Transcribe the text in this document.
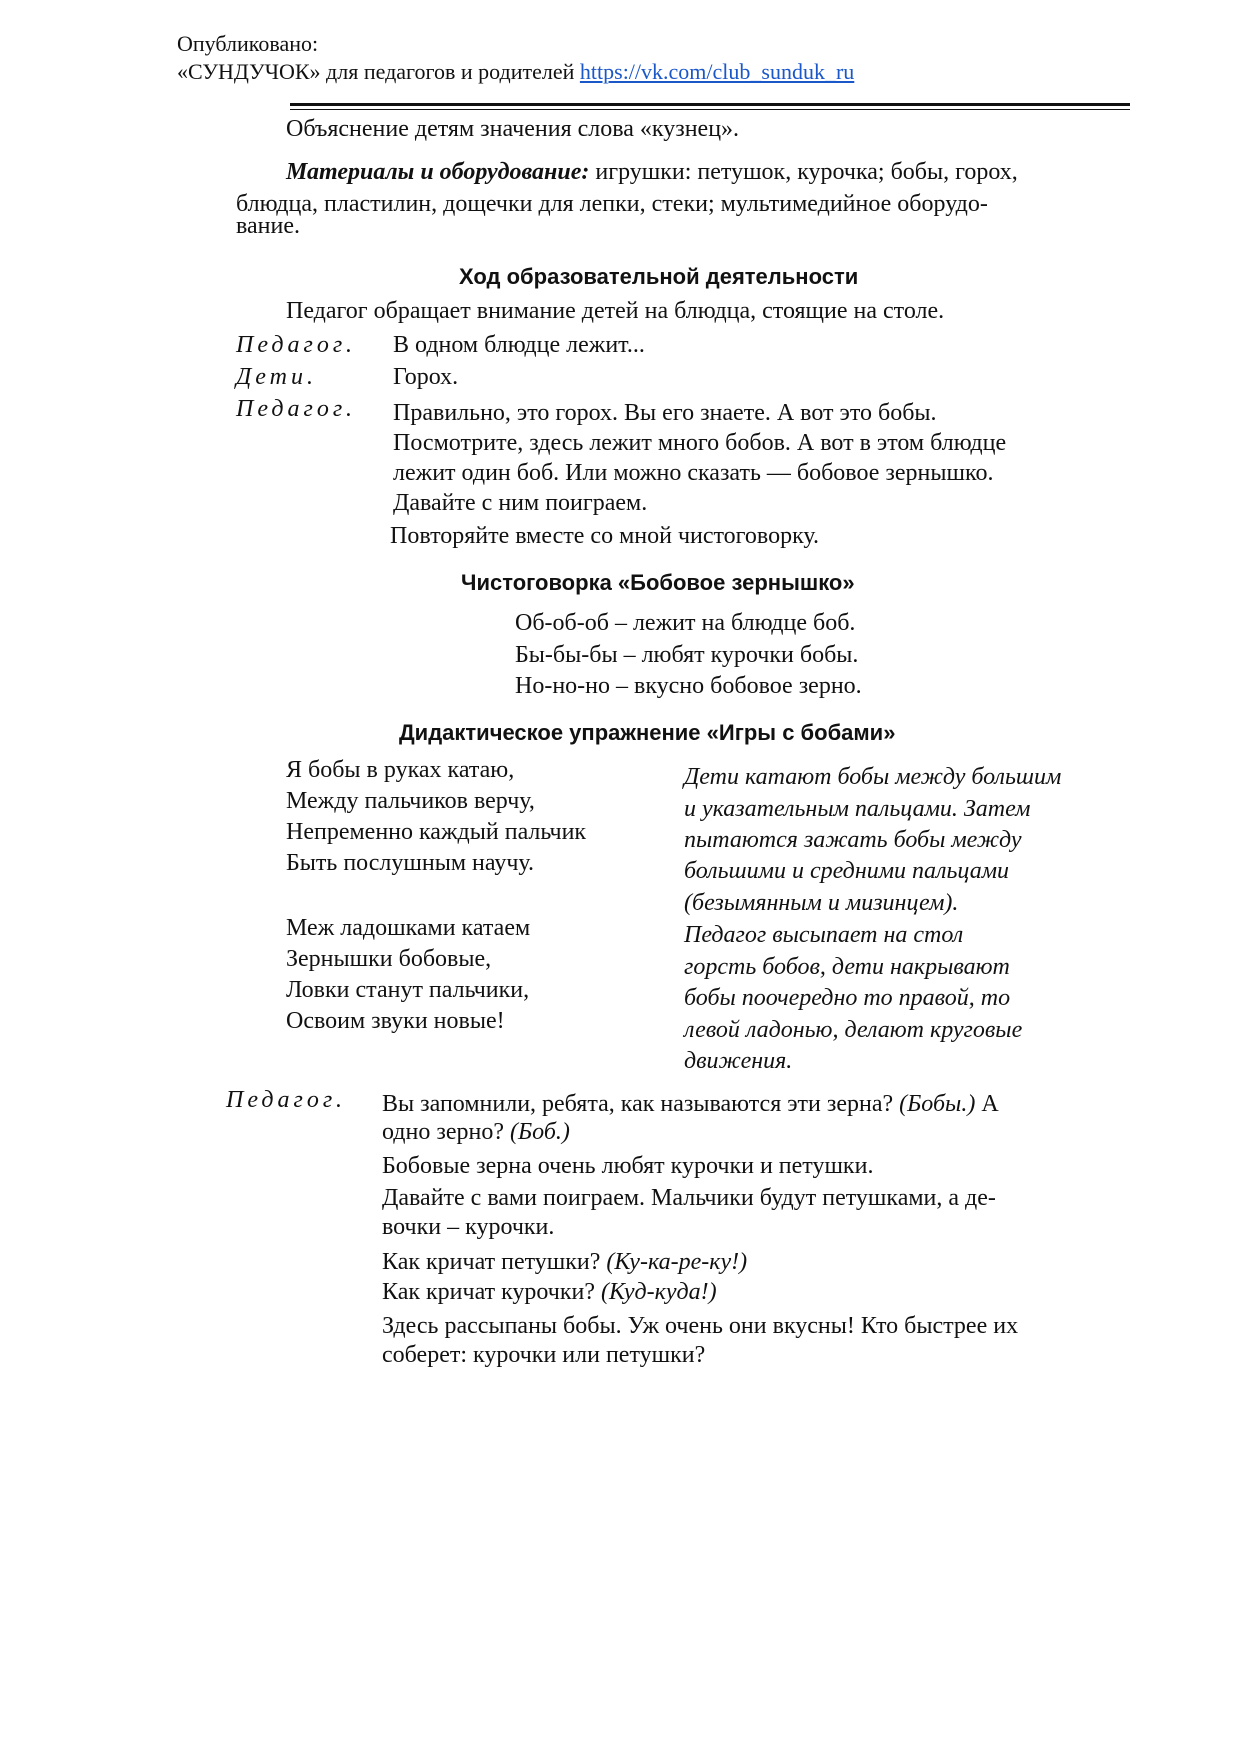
Опубликовано:
«СУНДУЧОК» для педагогов и родителей https://vk.com/club_sunduk_ru
Объяснение детям значения слова «кузнец».
Материалы и оборудование: игрушки: петушок, курочка; бобы, горох,
блюдца, пластилин, дощечки для лепки, стеки; мультимедийное оборудо-
вание.
Ход образовательной деятельности
Педагог обращает внимание детей на блюдца, стоящие на столе.
Педагог. В одном блюдце лежит...
Дети.	Горох.
Педагог. Правильно, это горох. Вы его знаете. А вот это бобы.
Посмотрите, здесь лежит много бобов. А вот в этом блюдце
лежит один боб. Или можно сказать — бобовое зернышко.
Давайте с ним поиграем.
Повторяйте вместе со мной чистоговорку.
Чистоговорка «Бобовое зернышко»
Об-об-об – лежит на блюдце боб.
Бы-бы-бы – любят курочки бобы.
Но-но-но – вкусно бобовое зерно.
Дидактическое упражнение «Игры с бобами»
Я бобы в руках катаю,
Между пальчиков верчу,
Непременно каждый пальчик
Быть послушным научу.
Меж ладошками катаем
Зернышки бобовые,
Ловки станут пальчики,
Освоим звуки новые!
Дети катают бобы между большим
и указательным пальцами. Затем
пытаются зажать бобы между
большими и средними пальцами
(безымянным и мизинцем).
Педагог высыпает на стол
горсть бобов, дети накрывают
бобы поочередно то правой, то
левой ладонью, делают круговые
движения.
Педагог. Вы запомнили, ребята, как называются эти зерна? (Бобы.) А
одно зерно? (Боб.)
Бобовые зерна очень любят курочки и петушки.
Давайте с вами поиграем. Мальчики будут петушками, а де-
вочки – курочки.
Как кричат петушки? (Ку-ка-ре-ку!)
Как кричат курочки? (Куд-куда!)
Здесь рассыпаны бобы. Уж очень они вкусны! Кто быстрее их
соберет: курочки или петушки?
